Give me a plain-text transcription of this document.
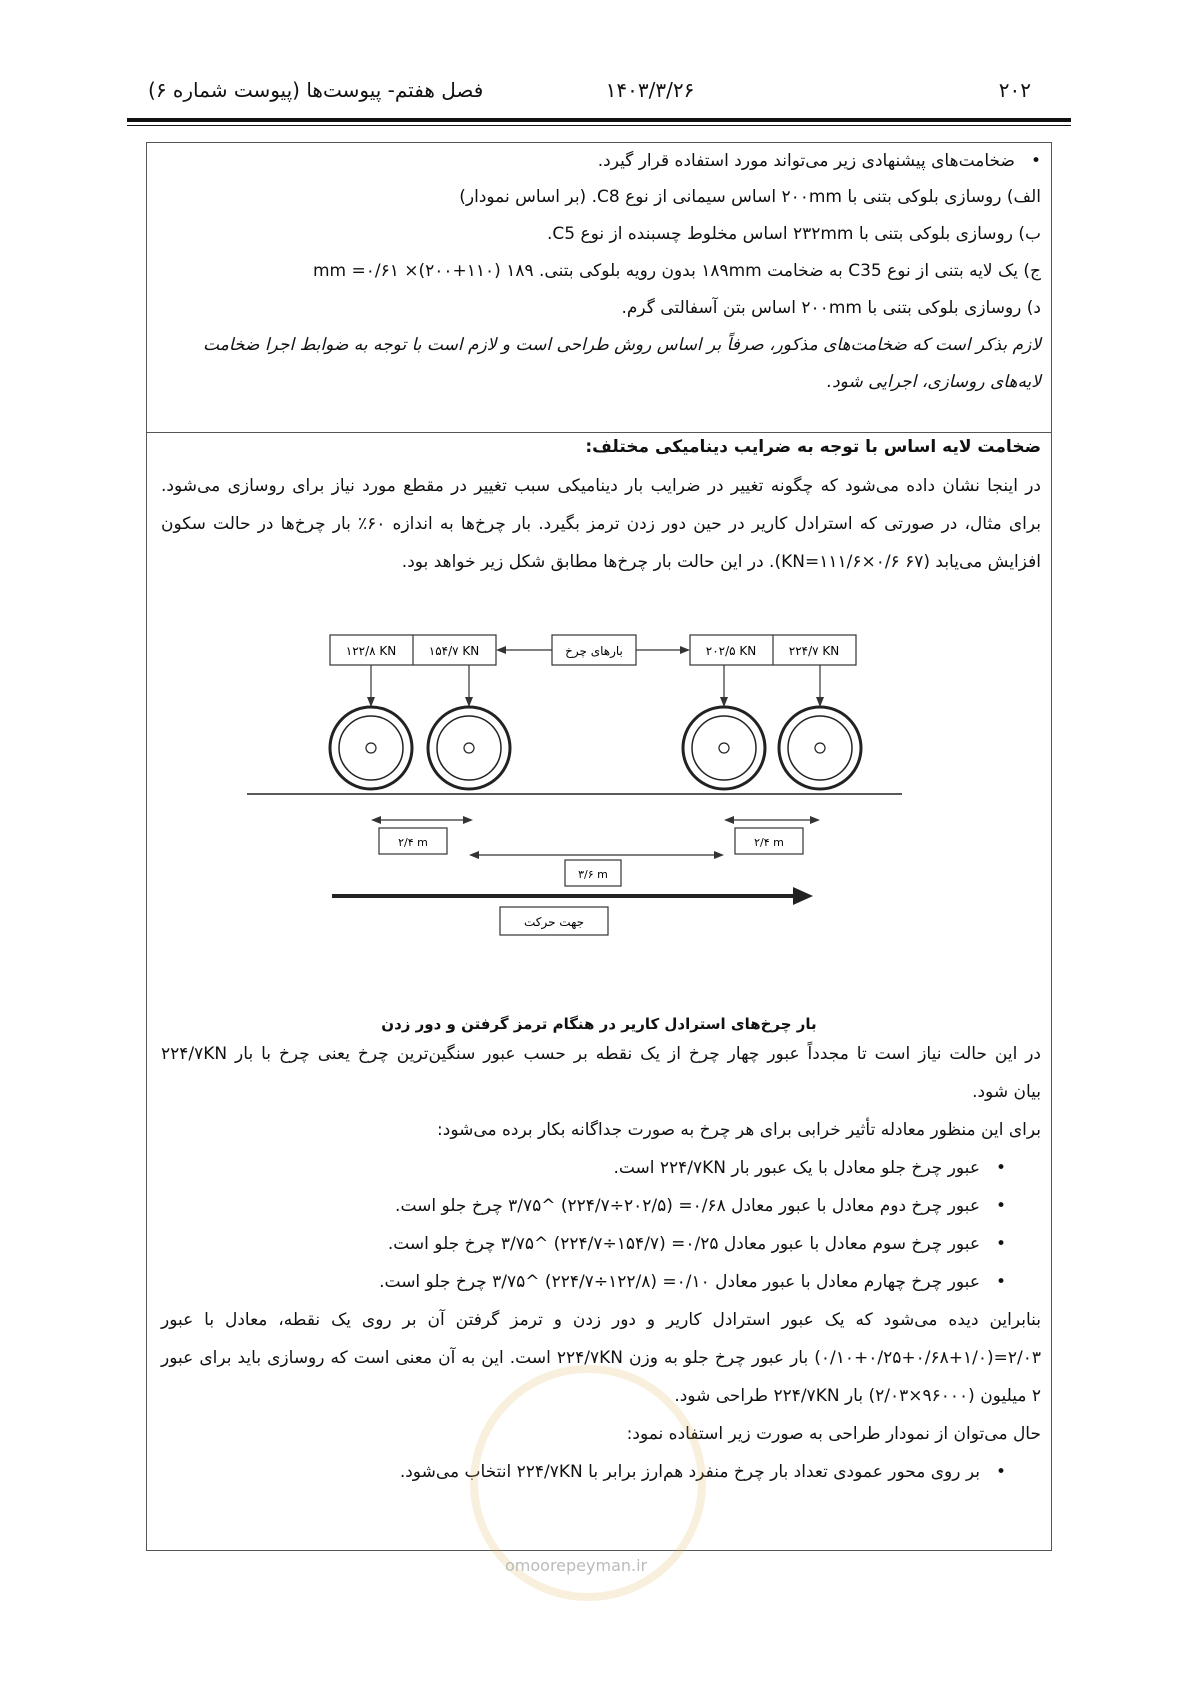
فصل هفتم- پیوست‌ها (پیوست شماره ۶)	۱۴۰۳/۳/۲۶	۲۰۲
•ضخامت‌های پیشنهادی زیر می‌تواند مورد استفاده قرار گیرد.
الف) روسازی بلوکی بتنی با ۲۰۰mm اساس سیمانی از نوع C8. (بر اساس نمودار)
ب) روسازی بلوکی بتنی با ۲۳۲mm اساس مخلوط چسبنده از نوع C5.
ج) یک لایه بتنی از نوع C35 به ضخامت ۱۸۹mm بدون رویه بلوکی بتنی. ۱۸۹ mm =۰/۶۱ ×(۲۰۰+۱۱۰)
د) روسازی بلوکی بتنی با ۲۰۰mm اساس بتن آسفالتی گرم.
لازم بذکر است که ضخامت‌های مذکور، صرفاً بر اساس روش طراحی است و لازم است با توجه به ضوابط اجرا ضخامت
لایه‌های روسازی، اجرایی شود.
ضخامت لایه اساس با توجه به ضرایب دینامیکی مختلف:
در اینجا نشان داده می‌شود که چگونه تغییر در ضرایب بار دینامیکی سبب تغییر در مقطع مورد نیاز برای روسازی می‌شود.
برای مثال، در صورتی که استرادل کاریر در حین دور زدن ترمز بگیرد. بار چرخ‌ها به اندازه ۶۰٪ بار چرخ‌ها در حالت سکون
افزایش می‌یابد (۶۷ KN=۱۱۱/۶×۰/۶). در این حالت بار چرخ‌ها مطابق شکل زیر خواهد بود.
۱۲۲/۸ KN	۱۵۴/۷ KN	بارهای چرخ	۲۰۲/۵ KN	۲۲۴/۷ KN
۲/۴ m
۳/۶ m
۲/۴ m
جهت حرکت
بار چرخ‌های استرادل کاریر در هنگام ترمز گرفتن و دور زدن
در این حالت نیاز است تا مجدداً عبور چهار چرخ از یک نقطه بر حسب عبور سنگین‌ترین چرخ یعنی چرخ با بار ۲۲۴/۷KN
بیان شود.
برای این منظور معادله تأثیر خرابی برای هر چرخ به صورت جداگانه بکار برده می‌شود:
•عبور چرخ جلو معادل با یک عبور بار ۲۲۴/۷KN است.
•عبور چرخ دوم معادل با عبور معادل ۰/۶۸= (۲۰۲/۵÷۲۲۴/۷) ^۳/۷۵ چرخ جلو است.
•عبور چرخ سوم معادل با عبور معادل ۰/۲۵= (۱۵۴/۷÷۲۲۴/۷) ^۳/۷۵ چرخ جلو است.
•عبور چرخ چهارم معادل با عبور معادل ۰/۱۰= (۱۲۲/۸÷۲۲۴/۷) ^۳/۷۵ چرخ جلو است.
بنابراین دیده می‌شود که یک عبور استرادل کاریر و دور زدن و ترمز گرفتن آن بر روی یک نقطه، معادل با عبور
۲/۰۳=(۰/۱۰+۰/۲۵+۰/۶۸+۱/۰) بار عبور چرخ جلو به وزن ۲۲۴/۷KN است. این به آن معنی است که روسازی باید برای عبور
۲ میلیون (۹۶۰۰۰×۲/۰۳) بار ۲۲۴/۷KN طراحی شود.
حال می‌توان از نمودار طراحی به صورت زیر استفاده نمود:
•بر روی محور عمودی تعداد بار چرخ منفرد هم‌ارز برابر با ۲۲۴/۷KN انتخاب می‌شود.
omoorepeyman.ir
